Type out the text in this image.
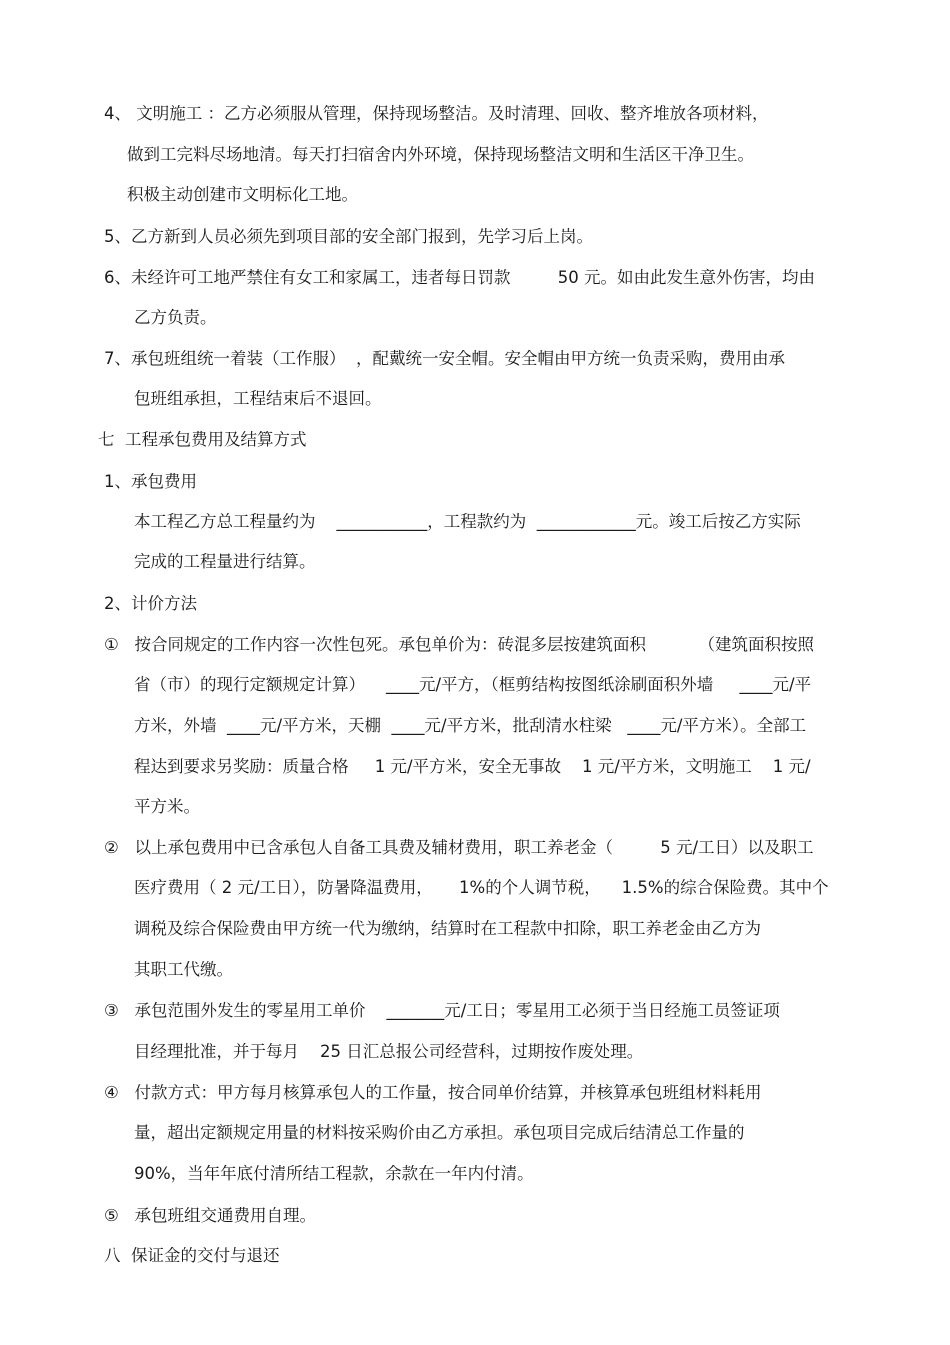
4、 文明施工 ：乙方必须服从管理，保持现场整洁。及时清理、回收、整齐堆放各项材料，
做到工完料尽场地清。每天打扫宿舍内外环境，保持现场整洁文明和生活区干净卫生。
积极主动创建市文明标化工地。
5、乙方新到人员必须先到项目部的安全部门报到，先学习后上岗。
6、未经许可工地严禁住有女工和家属工，违者每日罚款         50 元。如由此发生意外伤害，均由
乙方负责。
7、承包班组统一着装（工作服）  ，配戴统一安全帽。安全帽由甲方统一负责采购，费用由承
包班组承担，工程结束后不退回。
七  工程承包费用及结算方式
1、承包费用
本工程乙方总工程量约为    ___________，工程款约为  ____________元。竣工后按乙方实际
完成的工程量进行结算。
2、计价方法
①   按合同规定的工作内容一次性包死。承包单价为：砖混多层按建筑面积          （建筑面积按照
省（市）的现行定额规定计算）    ____元/平方，（框剪结构按图纸涂刷面积外墙     ____元/平
方米，外墙  ____元/平方米，天棚  ____元/平方米，批刮清水柱梁   ____元/平方米）。全部工
程达到要求另奖励：质量合格     1 元/平方米，安全无事故    1 元/平方米，文明施工    1 元/
平方米。
②   以上承包费用中已含承包人自备工具费及辅材费用，职工养老金（         5 元/工日）以及职工
医疗费用（ 2 元/工日），防暑降温费用，     1%的个人调节税，    1.5%的综合保险费。其中个
调税及综合保险费由甲方统一代为缴纳，结算时在工程款中扣除，职工养老金由乙方为
其职工代缴。
③   承包范围外发生的零星用工单价    _______元/工日；零星用工必须于当日经施工员签证项
目经理批准，并于每月    25 日汇总报公司经营科，过期按作废处理。
④   付款方式：甲方每月核算承包人的工作量，按合同单价结算，并核算承包班组材料耗用
量，超出定额规定用量的材料按采购价由乙方承担。承包项目完成后结清总工作量的
90%，当年年底付清所结工程款，余款在一年内付清。
⑤   承包班组交通费用自理。
八  保证金的交付与退还
